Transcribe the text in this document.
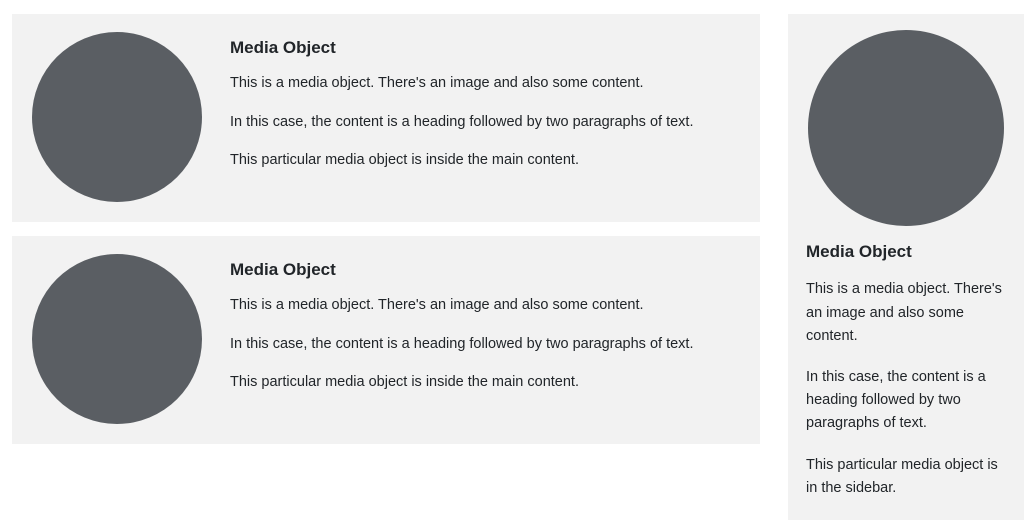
Media Object

This is a media object. There's an image and also some content.

In this case, the content is a heading followed by two paragraphs of text.

This particular media object is inside the main content.

Media Object

This is a media object. There's an image and also some content.

In this case, the content is a heading followed by two paragraphs of text.

This particular media object is inside the main content.

Media Object

This is a media object. There's an image and also some content.

In this case, the content is a heading followed by two paragraphs of text.

This particular media object is in the sidebar.
